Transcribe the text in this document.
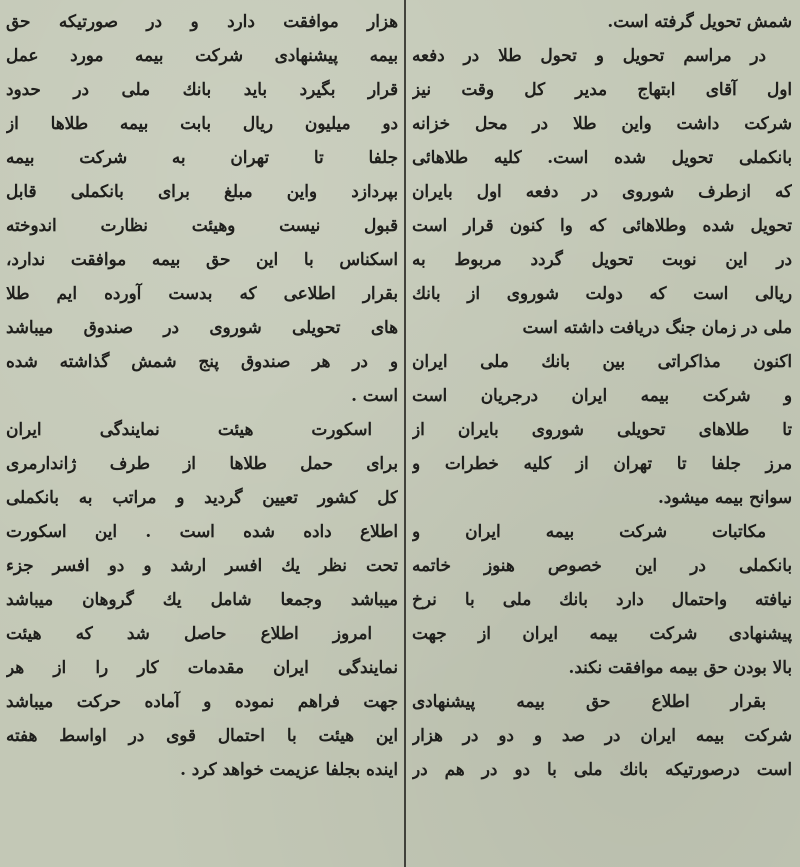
شمش تحويل گرفته است.
در مراسم تحويل و تحول طلا در دفعه
اول آقاى ابتهاج مدير كل وقت نيز
شركت داشت واين طلا در محل خزانه
بانكملى تحويل شده است. كليه طلاهائى
كه ازطرف شوروى در دفعه اول بايران
تحويل شده وطلاهائى كه وا كنون قرار است
در اين نوبت تحويل گردد مربوط به
ريالى است كه دولت شوروى از بانك
ملى در زمان جنگ دريافت داشته است
اكنون مذاكراتى بين بانك ملى ايران
و شركت بيمه ايران درجريان است
تا طلاهاى تحويلى شوروى بايران از
مرز جلفا تا تهران از كليه خطرات و
سوانح بيمه ميشود.
مكاتبات شركت بيمه ايران و
بانكملى در اين خصوص هنوز خاتمه
نيافته واحتمال دارد بانك ملى با نرخ
پيشنهادى شركت بيمه ايران از جهت
بالا بودن حق بيمه موافقت نكند.
بقرار اطلاع حق بيمه پيشنهادى
شركت بيمه ايران در صد و دو در هزار
است درصورتيكه بانك ملى با دو در هم در
هزار موافقت دارد و در صورتيكه حق
بيمه پيشنهادى شركت بيمه مورد عمل
قرار بگيرد بايد بانك ملى در حدود
دو ميليون ريال بابت بيمه طلاها از
جلفا تا تهران به شركت بيمه
بپردازد واين مبلغ براى بانكملى قابل
قبول نيست وهيئت نظارت اندوخته
اسكناس با اين حق بيمه موافقت ندارد،
بقرار اطلاعى كه بدست آورده ايم طلا
هاى تحويلى شوروى در صندوق ميباشد
و در هر صندوق پنج شمش گذاشته شده
است .
اسكورت هيئت نمايندگى ايران
براى حمل طلاها از طرف ژاندارمرى
كل كشور تعيين گرديد و مراتب به بانكملى
اطلاع داده شده است . اين اسكورت
تحت نظر يك افسر ارشد و دو افسر جزء
ميباشد وجمعا شامل يك گروهان ميباشد
امروز اطلاع حاصل شد كه هيئت
نمايندگى ايران مقدمات كار را از هر
جهت فراهم نموده و آماده حركت ميباشد
اين هيئت با احتمال قوى در اواسط هفته
اينده بجلفا عزيمت خواهد كرد .
